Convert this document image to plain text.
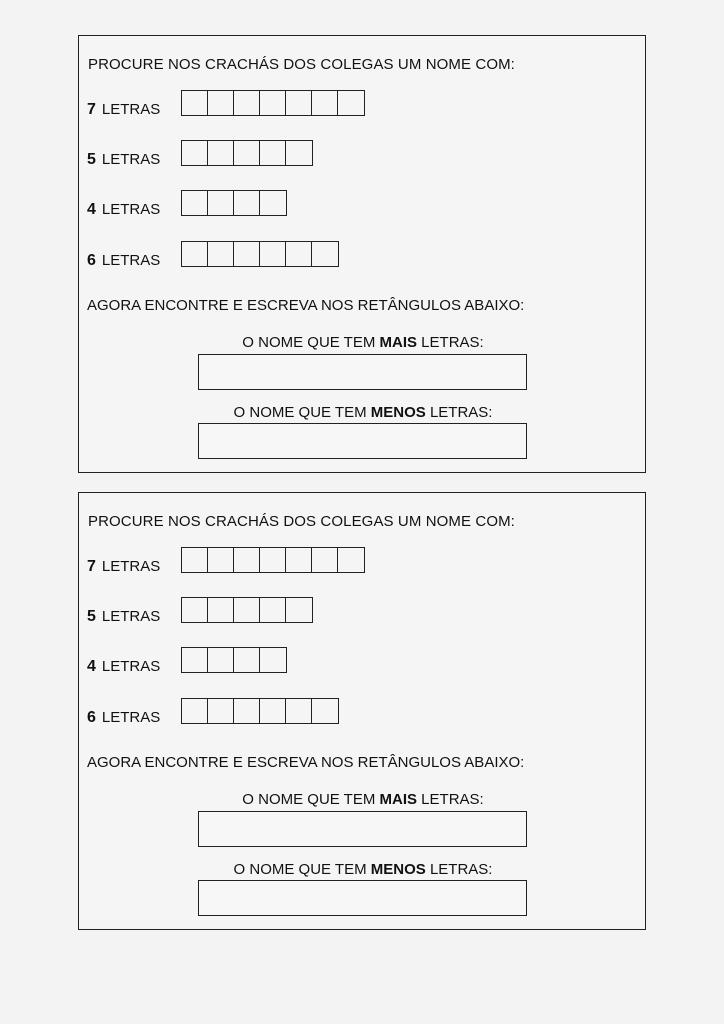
PROCURE NOS CRACHÁS DOS COLEGAS UM NOME COM:
7 LETRAS
5 LETRAS
4 LETRAS
6 LETRAS
AGORA ENCONTRE E ESCREVA NOS RETÂNGULOS ABAIXO:
O NOME QUE TEM MAIS LETRAS:
O NOME QUE TEM MENOS LETRAS:
PROCURE NOS CRACHÁS DOS COLEGAS UM NOME COM:
7 LETRAS
5 LETRAS
4 LETRAS
6 LETRAS
AGORA ENCONTRE E ESCREVA NOS RETÂNGULOS ABAIXO:
O NOME QUE TEM MAIS LETRAS:
O NOME QUE TEM MENOS LETRAS:
